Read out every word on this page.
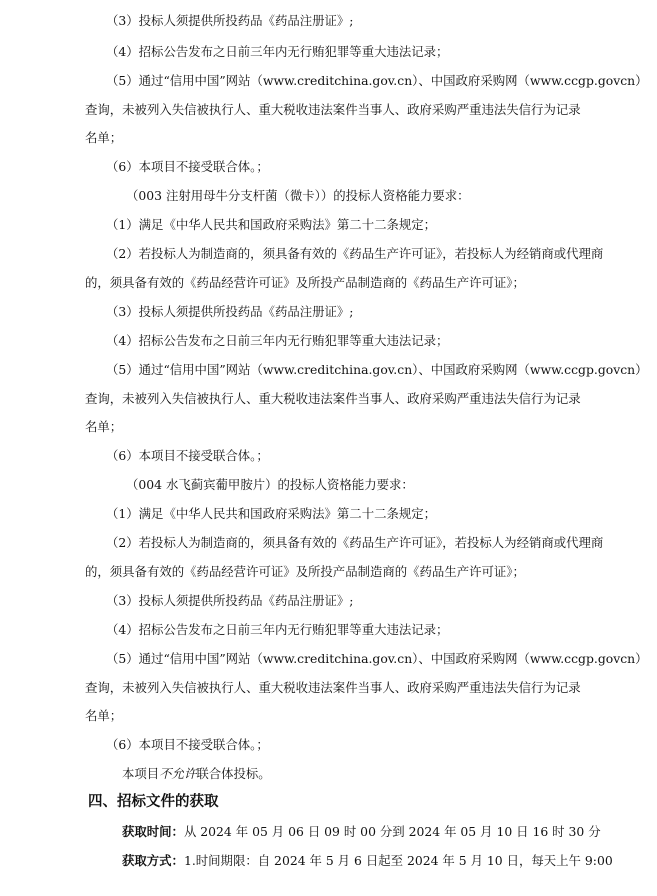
（3）投标人须提供所投药品《药品注册证》;
（4）招标公告发布之日前三年内无行贿犯罪等重大违法记录；
（5）通过“信用中国”网站（www.creditchina.gov.cn）、中国政府采购网（www.ccgp.govcn）
查询，未被列入失信被执行人、重大税收违法案件当事人、政府采购严重违法失信行为记录
名单；
（6）本项目不接受联合体。；
（003 注射用母牛分支杆菌（微卡））的投标人资格能力要求：
（1）满足《中华人民共和国政府采购法》第二十二条规定；
（2）若投标人为制造商的，须具备有效的《药品生产许可证》，若投标人为经销商或代理商
的，须具备有效的《药品经营许可证》及所投产品制造商的《药品生产许可证》；
（3）投标人须提供所投药品《药品注册证》;
（4）招标公告发布之日前三年内无行贿犯罪等重大违法记录；
（5）通过“信用中国”网站（www.creditchina.gov.cn）、中国政府采购网（www.ccgp.govcn）
查询，未被列入失信被执行人、重大税收违法案件当事人、政府采购严重违法失信行为记录
名单；
（6）本项目不接受联合体。；
（004 水飞蓟宾葡甲胺片）的投标人资格能力要求：
（1）满足《中华人民共和国政府采购法》第二十二条规定；
（2）若投标人为制造商的，须具备有效的《药品生产许可证》，若投标人为经销商或代理商
的，须具备有效的《药品经营许可证》及所投产品制造商的《药品生产许可证》；
（3）投标人须提供所投药品《药品注册证》;
（4）招标公告发布之日前三年内无行贿犯罪等重大违法记录；
（5）通过“信用中国”网站（www.creditchina.gov.cn）、中国政府采购网（www.ccgp.govcn）
查询，未被列入失信被执行人、重大税收违法案件当事人、政府采购严重违法失信行为记录
名单；
（6）本项目不接受联合体。；
本项目不允许联合体投标。
四、招标文件的获取
获取时间：从 2024 年 05 月 06 日 09 时 00 分到 2024 年 05 月 10 日 16 时 30 分
获取方式：1.时间期限：自 2024 年 5 月 6 日起至 2024 年 5 月 10 日，每天上午 9:00
